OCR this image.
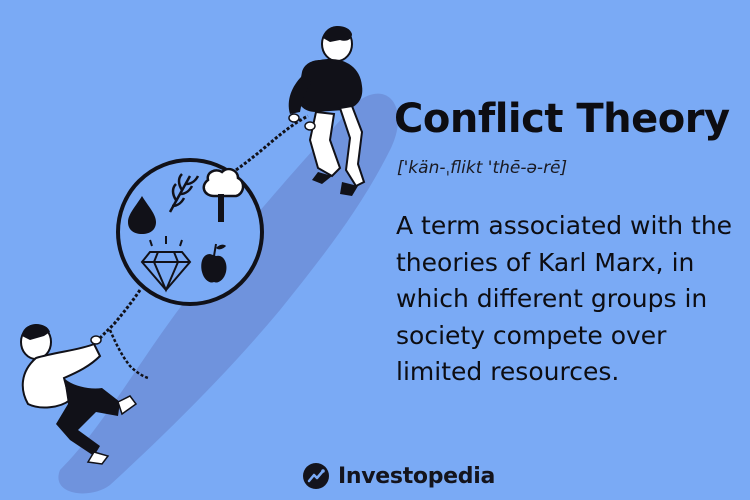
Conflict Theory
['kän-ˌflikt 'thē-ə-rē]
A term associated with the theories of Karl Marx, in which different groups in society compete over limited resources.
Investopedia
